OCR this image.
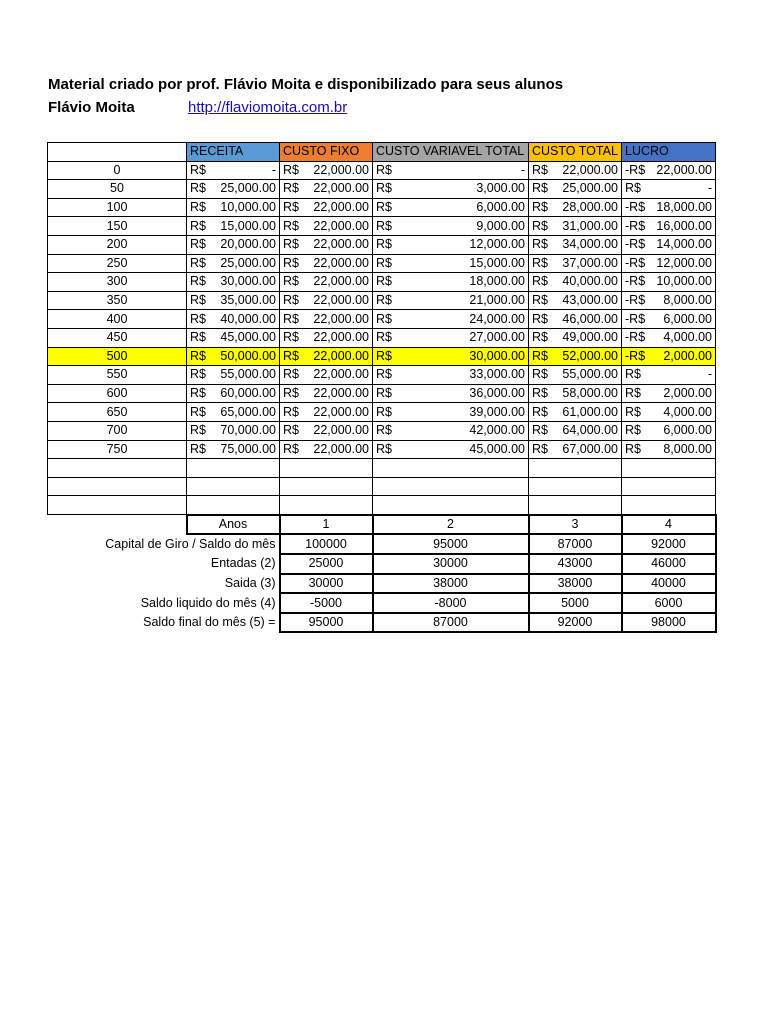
Material criado por prof. Flávio Moita e disponibilizado para seus alunos
Flávio Moita	http://flaviomoita.com.br
	RECEITA	CUSTO FIXO	CUSTO VARIAVEL TOTAL	CUSTO TOTAL	LUCRO
0	R$ -	R$ 22,000.00	R$ -	R$ 22,000.00	-R$ 22,000.00

50	R$ 25,000.00	R$ 22,000.00	R$ 3,000.00	R$ 25,000.00	R$ -

100	R$ 10,000.00	R$ 22,000.00	R$ 6,000.00	R$ 28,000.00	-R$ 18,000.00

150	R$ 15,000.00	R$ 22,000.00	R$ 9,000.00	R$ 31,000.00	-R$ 16,000.00

200	R$ 20,000.00	R$ 22,000.00	R$ 12,000.00	R$ 34,000.00	-R$ 14,000.00

250	R$ 25,000.00	R$ 22,000.00	R$ 15,000.00	R$ 37,000.00	-R$ 12,000.00

300	R$ 30,000.00	R$ 22,000.00	R$ 18,000.00	R$ 40,000.00	-R$ 10,000.00

350	R$ 35,000.00	R$ 22,000.00	R$ 21,000.00	R$ 43,000.00	-R$ 8,000.00

400	R$ 40,000.00	R$ 22,000.00	R$ 24,000.00	R$ 46,000.00	-R$ 6,000.00

450	R$ 45,000.00	R$ 22,000.00	R$ 27,000.00	R$ 49,000.00	-R$ 4,000.00

500	R$ 50,000.00	R$ 22,000.00	R$ 30,000.00	R$ 52,000.00	-R$ 2,000.00

550	R$ 55,000.00	R$ 22,000.00	R$ 33,000.00	R$ 55,000.00	R$ -

600	R$ 60,000.00	R$ 22,000.00	R$ 36,000.00	R$ 58,000.00	R$ 2,000.00

650	R$ 65,000.00	R$ 22,000.00	R$ 39,000.00	R$ 61,000.00	R$ 4,000.00

700	R$ 70,000.00	R$ 22,000.00	R$ 42,000.00	R$ 64,000.00	R$ 6,000.00

750	R$ 75,000.00	R$ 22,000.00	R$ 45,000.00	R$ 67,000.00	R$ 8,000.00

	Anos	1	2	3	4
Capital de Giro / Saldo do mês		100000	95000	87000	92000
Entadas (2)		25000	30000	43000	46000
Saida (3)		30000	38000	38000	40000
Saldo liquido do mês (4)		-5000	-8000	5000	6000
Saldo final do mês (5) =		95000	87000	92000	98000
